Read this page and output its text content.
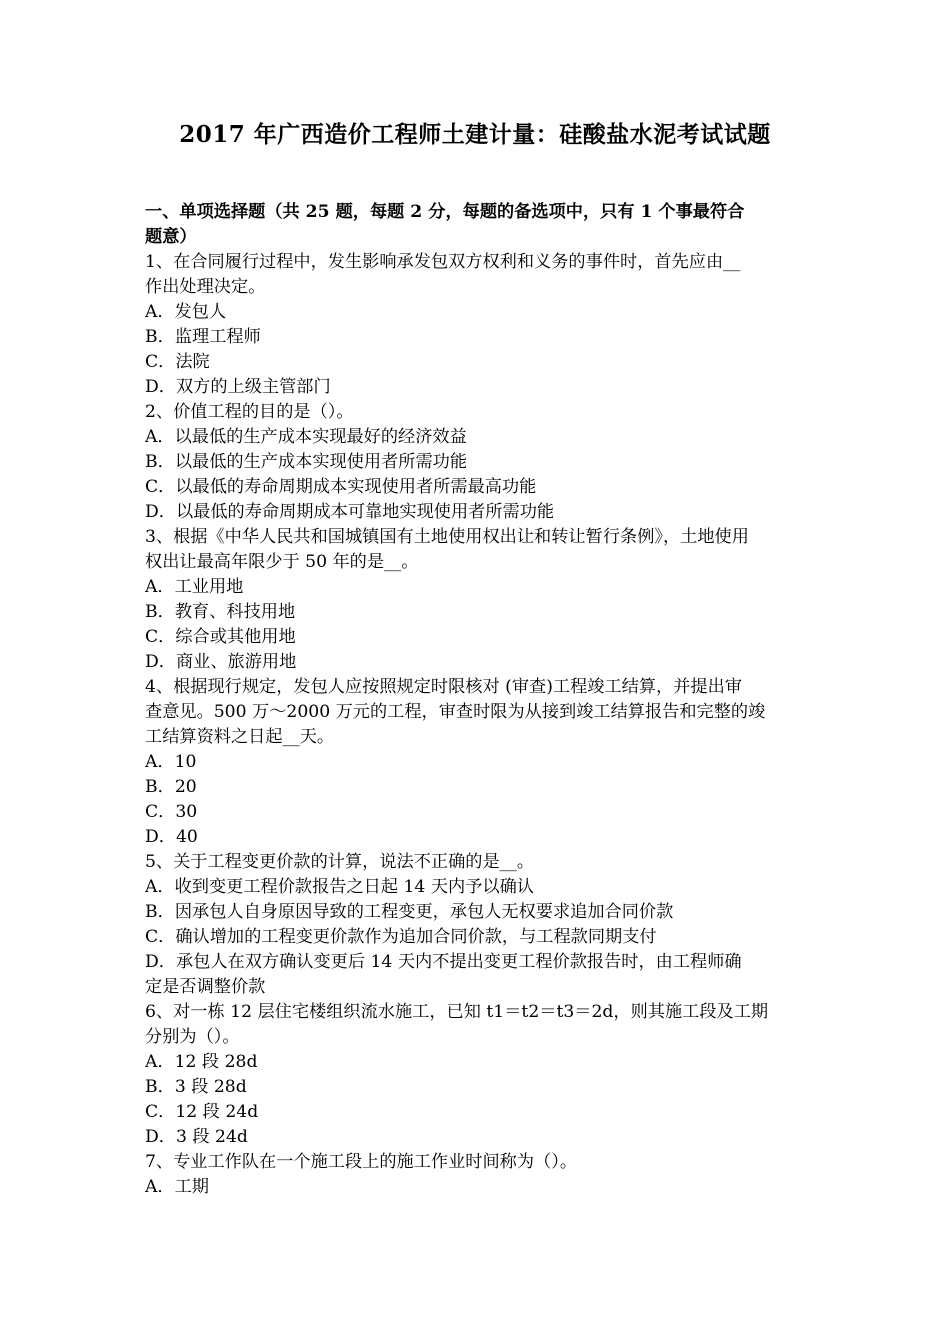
2017 年广西造价工程师土建计量：硅酸盐水泥考试试题
一、单项选择题（共 25 题，每题 2 分，每题的备选项中，只有 1 个事最符合
题意）
1、在合同履行过程中，发生影响承发包双方权利和义务的事件时，首先应由__
作出处理决定。
A．发包人
B．监理工程师
C．法院
D．双方的上级主管部门
2、价值工程的目的是（）。
A．以最低的生产成本实现最好的经济效益
B．以最低的生产成本实现使用者所需功能
C．以最低的寿命周期成本实现使用者所需最高功能
D．以最低的寿命周期成本可靠地实现使用者所需功能
3、根据《中华人民共和国城镇国有土地使用权出让和转让暂行条例》，土地使用
权出让最高年限少于 50 年的是__。
A．工业用地
B．教育、科技用地
C．综合或其他用地
D．商业、旅游用地
4、根据现行规定，发包人应按照规定时限核对 (审查)工程竣工结算，并提出审
查意见。500 万～2000 万元的工程，审查时限为从接到竣工结算报告和完整的竣
工结算资料之日起__天。
A．10
B．20
C．30
D．40
5、关于工程变更价款的计算，说法不正确的是__。
A．收到变更工程价款报告之日起 14 天内予以确认
B．因承包人自身原因导致的工程变更，承包人无权要求追加合同价款
C．确认增加的工程变更价款作为追加合同价款，与工程款同期支付
D．承包人在双方确认变更后 14 天内不提出变更工程价款报告时，由工程师确
定是否调整价款
6、对一栋 12 层住宅楼组织流水施工，已知 t1＝t2＝t3＝2d，则其施工段及工期
分别为（）。
A．12 段 28d
B．3 段 28d
C．12 段 24d
D．3 段 24d
7、专业工作队在一个施工段上的施工作业时间称为（）。
A．工期
